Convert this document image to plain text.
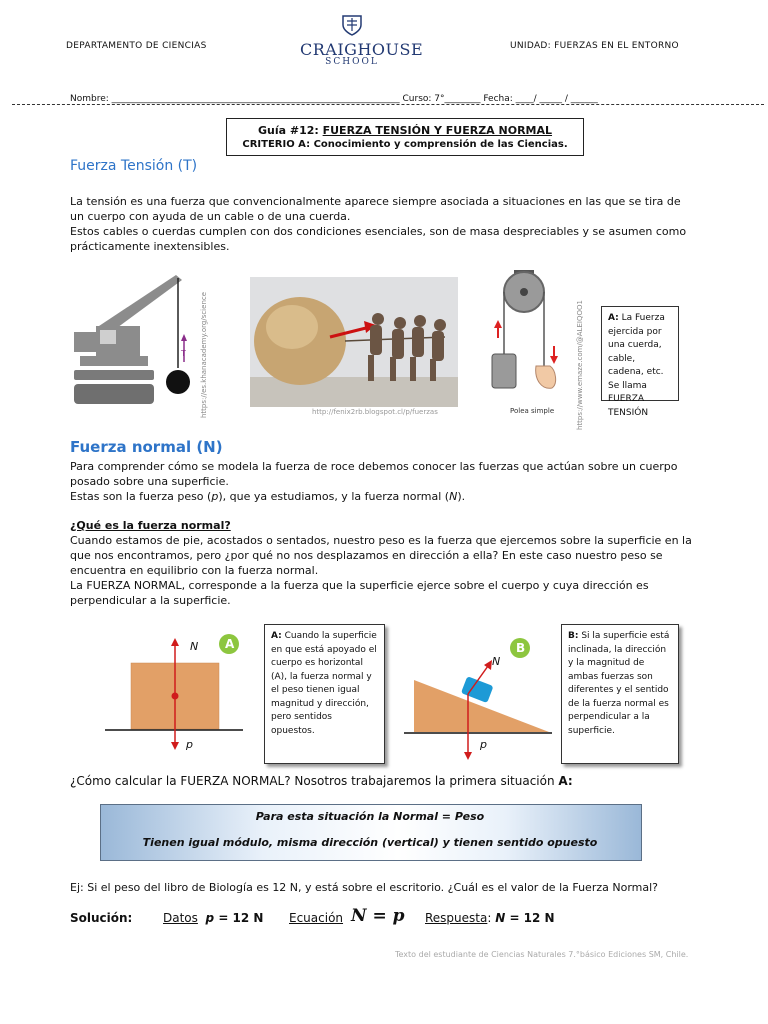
DEPARTAMENTO DE CIENCIAS	CRAIGHOUSE
SCHOOL
UNIDAD: FUERZAS EN EL ENTORNO
Nombre: ________________________________________________________________ Curso: 7°________ Fecha: ____/ _____ / ______
Guía #12: FUERZA TENSIÓN Y FUERZA NORMAL
CRITERIO A: Conocimiento y comprensión de las Ciencias.
Fuerza Tensión (T)
La tensión es una fuerza que convencionalmente aparece siempre asociada a situaciones en las que se tira de un cuerpo con ayuda de un cable o de una cuerda.
Estos cables o cuerdas cumplen con dos condiciones esenciales, son de masa despreciables y se asumen como prácticamente inextensibles.
T https://es.khanacademy.org/science	http://fenix2rb.blogspot.cl/p/fuerzas	Polea simple	https://www.emaze.com/@ALEIQOO1	A: La Fuerza ejercida por una cuerda, cable, cadena, etc. Se llama FUERZA TENSIÓN
Fuerza normal (N)
Para comprender cómo se modela la fuerza de roce debemos conocer las fuerzas que actúan sobre un cuerpo posado sobre una superficie.
Estas son la fuerza peso (p), que ya estudiamos, y la fuerza normal (N).
¿Qué es la fuerza normal?
Cuando estamos de pie, acostados o sentados, nuestro peso es la fuerza que ejercemos sobre la superficie en la que nos encontramos, pero ¿por qué no nos desplazamos en dirección a ella? En este caso nuestro peso se encuentra en equilibrio con la fuerza normal.
La FUERZA NORMAL, corresponde a la fuerza que la superficie ejerce sobre el cuerpo y cuya dirección es perpendicular a la superficie.
N
p
A
A: Cuando la superficie en que está apoyado el cuerpo es horizontal (A), la fuerza normal y el peso tienen igual magnitud y dirección, pero sentidos opuestos.
N
p
B
B: Si la superficie está inclinada, la dirección y la magnitud de ambas fuerzas son diferentes y el sentido de la fuerza normal es perpendicular a la superficie.
¿Cómo calcular la FUERZA NORMAL? Nosotros trabajaremos la primera situación A:
Para esta situación la Normal = Peso
Tienen igual módulo, misma dirección (vertical) y tienen sentido opuesto
Ej: Si el peso del libro de Biología es 12 N, y está sobre el escritorio. ¿Cuál es el valor de la Fuerza Normal?
Solución:	Datos p = 12 N Ecuación N = p Respuesta: N = 12 N
Texto del estudiante de Ciencias Naturales 7.°básico Ediciones SM, Chile.
